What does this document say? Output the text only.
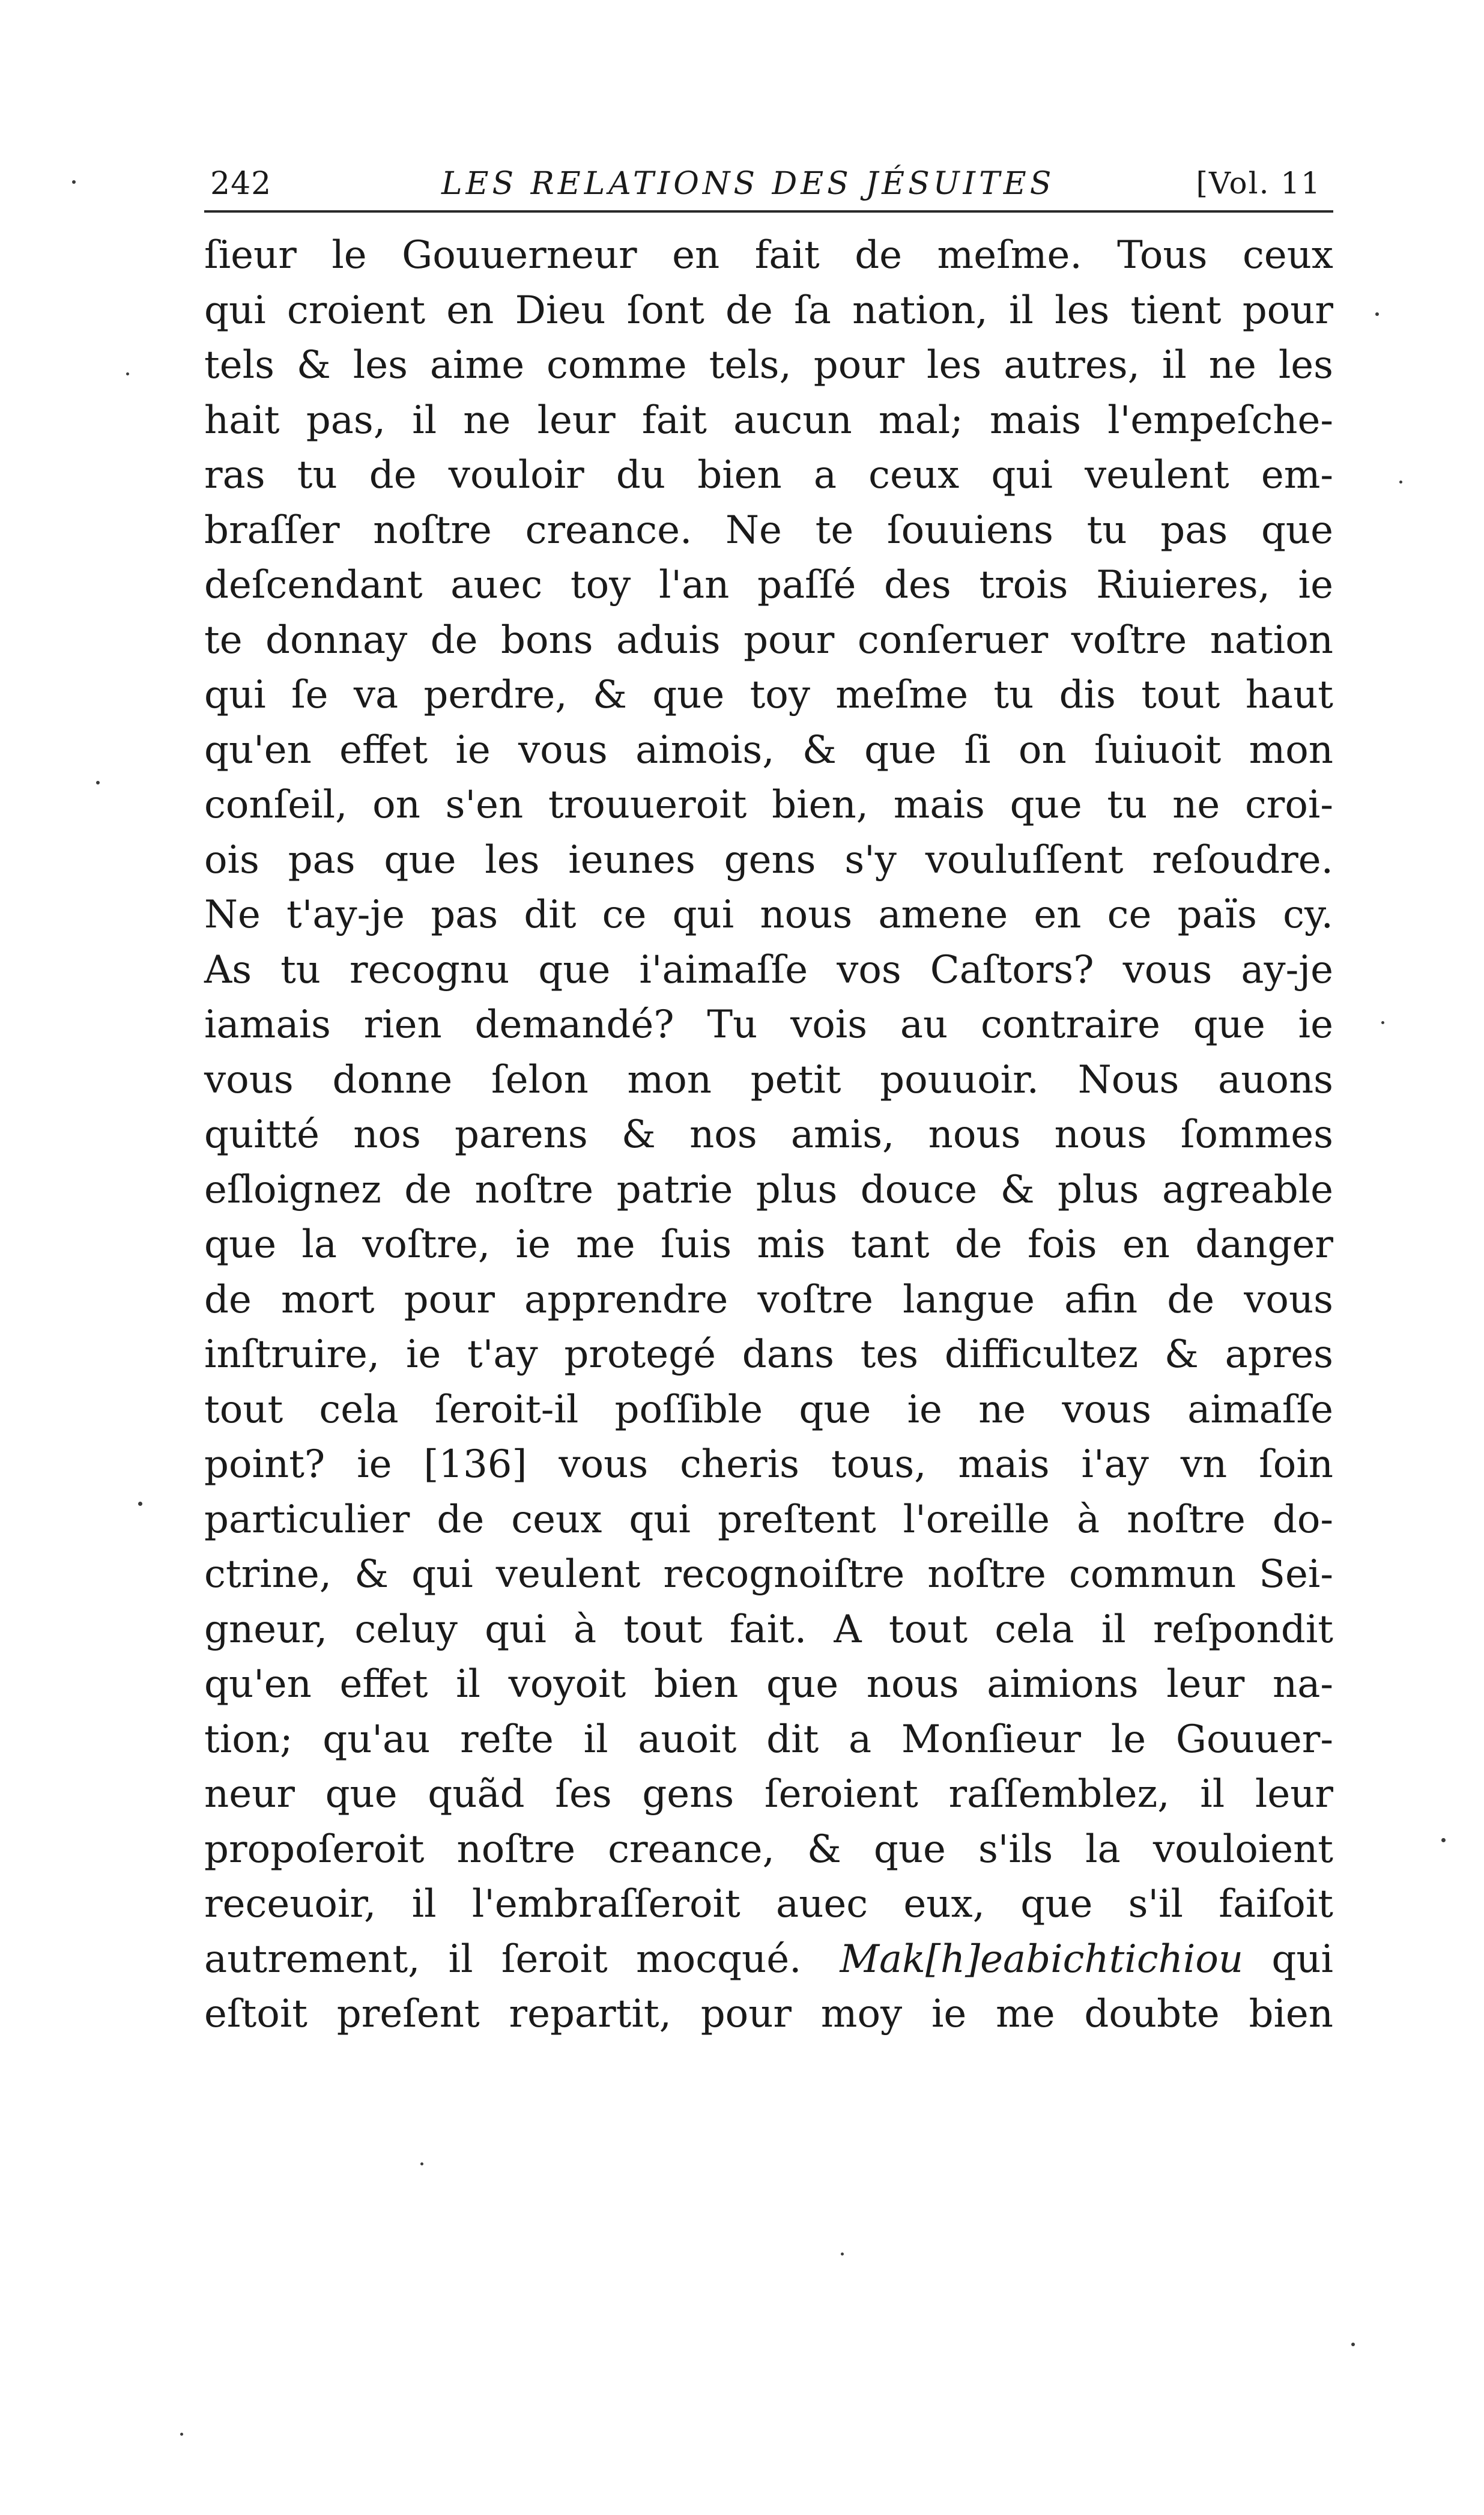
242	LES RELATIONS DES JÉSUITES	[Vol. 11
ſieur le Gouuerneur en fait de meſme. Tous ceux
qui croient en Dieu ſont de ſa nation, il les tient pour
tels & les aime comme tels, pour les autres, il ne les
hait pas, il ne leur fait aucun mal; mais l'empeſche-
ras tu de vouloir du bien a ceux qui veulent em-
braſſer noſtre creance. Ne te ſouuiens tu pas que
deſcendant auec toy l'an paſſé des trois Riuieres, ie
te donnay de bons aduis pour conſeruer voſtre nation
qui ſe va perdre, & que toy meſme tu dis tout haut
qu'en effet ie vous aimois, & que ſi on ſuiuoit mon
conſeil, on s'en trouueroit bien, mais que tu ne croi-
ois pas que les ieunes gens s'y vouluſſent reſoudre.
Ne t'ay-je pas dit ce qui nous amene en ce païs cy.
As tu recognu que i'aimaſſe vos Caſtors? vous ay-je
iamais rien demandé? Tu vois au contraire que ie
vous donne ſelon mon petit pouuoir. Nous auons
quitté nos parens & nos amis, nous nous ſommes
eſloignez de noſtre patrie plus douce & plus agreable
que la voſtre, ie me ſuis mis tant de fois en danger
de mort pour apprendre voſtre langue afin de vous
inſtruire, ie t'ay protegé dans tes difficultez & apres
tout cela ſeroit-il poſſible que ie ne vous aimaſſe
point? ie [136] vous cheris tous, mais i'ay vn ſoin
particulier de ceux qui preſtent l'oreille à noſtre do-
ctrine, & qui veulent recognoiſtre noſtre commun Sei-
gneur, celuy qui à tout fait. A tout cela il reſpondit
qu'en effet il voyoit bien que nous aimions leur na-
tion; qu'au reſte il auoit dit a Monſieur le Gouuer-
neur que quãd ſes gens ſeroient raſſemblez, il leur
propoſeroit noſtre creance, & que s'ils la vouloient
receuoir, il l'embraſſeroit auec eux, que s'il faiſoit
autrement, il ſeroit mocqué.   Mak[h]eabichtichiou qui
eſtoit preſent repartit, pour moy ie me doubte bien
